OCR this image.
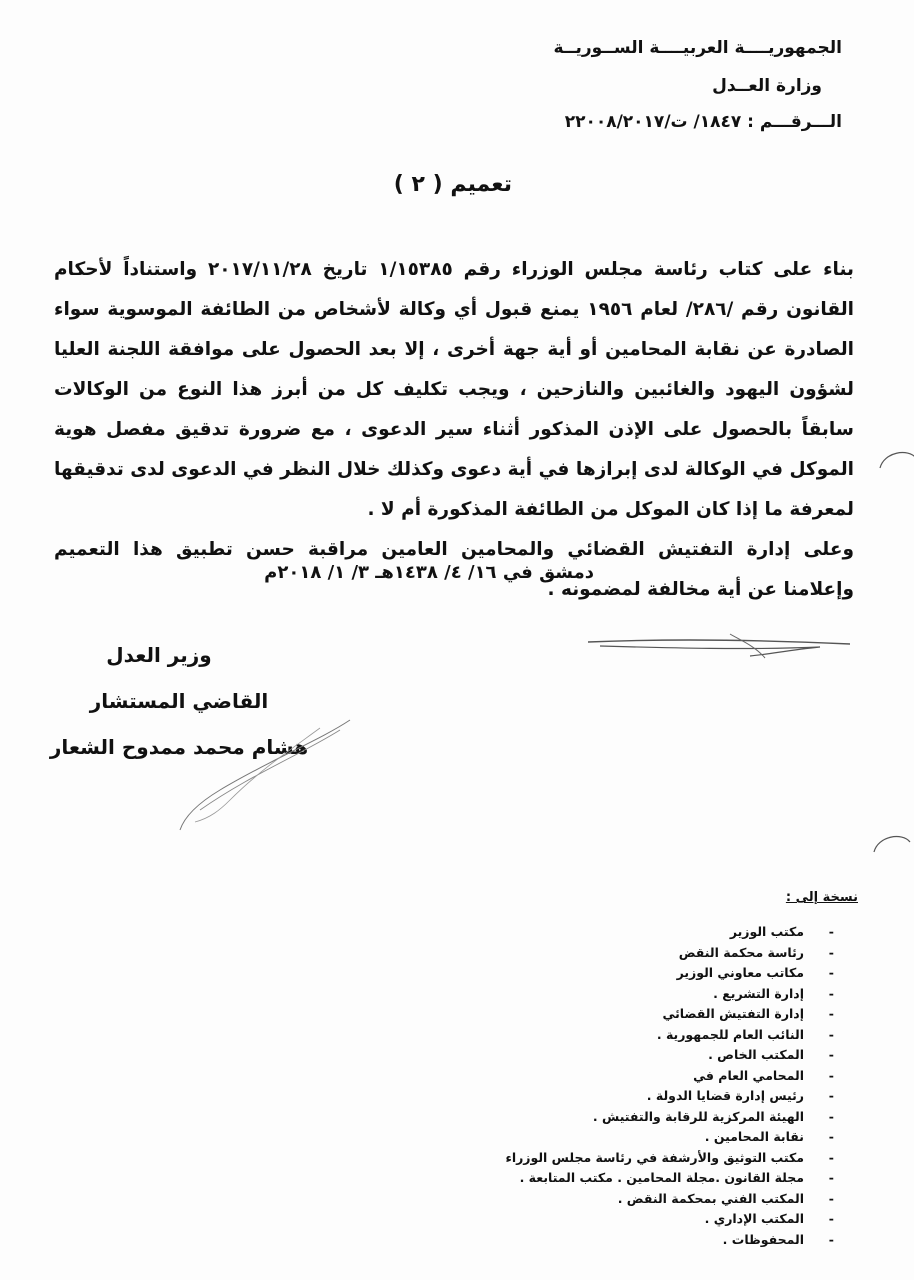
الجمهوريــــة العربيــــة الســوريــة
وزارة العــدل
الـــرقـــم : ١٨٤٧/ ت/٢٢٠٠٨/٢٠١٧
تعميم ( ٢ )

بناء على كتاب رئاسة مجلس الوزراء رقم ١/١٥٣٨٥ تاريخ ٢٠١٧/١١/٢٨ واستناداً لأحكام القانون رقم /٢٨٦/ لعام ١٩٥٦ يمنع قبول أي وكالة لأشخاص من الطائفة الموسوية سواء الصادرة عن نقابة المحامين أو أية جهة أخرى ، إلا بعد الحصول على موافقة اللجنة العليا لشؤون اليهود والغائبين والنازحين ، ويجب تكليف كل من أبرز هذا النوع من الوكالات سابقاً بالحصول على الإذن المذكور أثناء سير الدعوى ، مع ضرورة تدقيق مفصل هوية الموكل في الوكالة لدى إبرازها في أية دعوى وكذلك خلال النظر في الدعوى لدى تدقيقها لمعرفة ما إذا كان الموكل من الطائفة المذكورة أم لا .

وعلى إدارة التفتيش القضائي والمحامين العامين مراقبة حسن تطبيق هذا التعميم وإعلامنا عن أية مخالفة لمضمونه .

دمشق في ١٦/ ٤/ ١٤٣٨هـ ٣/ ١/ ٢٠١٨م
وزير العدل
القاضي المستشار
هشام محمد ممدوح الشعار
نسخة إلى :
-
مكتب الوزير
-
رئاسة محكمة النقض
-
مكاتب معاوني الوزير
-
إدارة التشريع .
-
إدارة التفتيش القضائي
-
النائب العام للجمهورية .
-
المكتب الخاص .
-
المحامي العام في
-
رئيس إدارة قضايا الدولة .
-
الهيئة المركزية للرقابة والتفتيش .
-
نقابة المحامين .
-
مكتب التوثيق والأرشفة في رئاسة مجلس الوزراء
-
مجلة القانون .مجلة المحامين . مكتب المتابعة .
-
المكتب الفني بمحكمة النقض .
-
المكتب الإداري .
-
المحفوظات .
